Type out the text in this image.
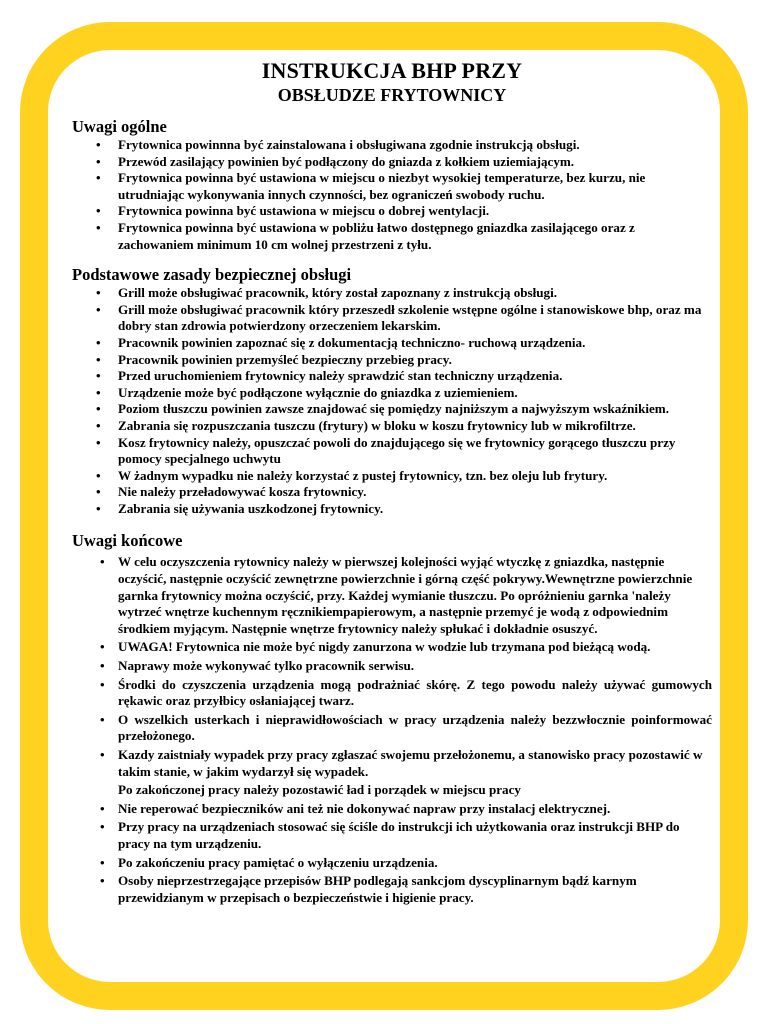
INSTRUKCJA BHP PRZY
OBSŁUDZE FRYTOWNICY
Uwagi ogólne
• Frytownica powinnna być zainstalowana i obsługiwana zgodnie instrukcją obsługi.
• Przewód zasilający powinien być podłączony do gniazda z kołkiem uziemiającym.
• Frytownica powinna być ustawiona w miejscu o niezbyt wysokiej temperaturze, bez kurzu, nie utrudniając wykonywania innych czynności, bez ograniczeń swobody ruchu.
• Frytownica powinna być ustawiona w miejscu o dobrej wentylacji.
• Frytownica powinna być ustawiona w pobliżu łatwo dostępnego gniazdka zasilającego oraz z zachowaniem minimum 10 cm wolnej przestrzeni z tyłu.
Podstawowe zasady bezpiecznej obsługi
• Grill może obsługiwać pracownik, który został zapoznany z instrukcją obsługi.
• Grill może obsługiwać pracownik który przeszedł szkolenie wstępne ogólne i stanowiskowe bhp, oraz ma dobry stan zdrowia potwierdzony orzeczeniem lekarskim.
• Pracownik powinien zapoznać się z dokumentacją techniczno- ruchową urządzenia.
• Pracownik powinien przemyśleć bezpieczny przebieg pracy.
• Przed uruchomieniem frytownicy należy sprawdzić stan techniczny urządzenia.
• Urządzenie może być podłączone wyłącznie do gniazdka z uziemieniem.
• Poziom tłuszczu powinien zawsze znajdować się pomiędzy najniższym a najwyższym wskaźnikiem.
• Zabrania się rozpuszczania tuszczu (frytury) w bloku w koszu frytownicy lub w mikrofiltrze.
• Kosz frytownicy należy, opuszczać powoli do znajdującego się we frytownicy gorącego tłuszczu przy pomocy specjalnego uchwytu
• W żadnym wypadku nie należy korzystać z pustej frytownicy, tzn. bez oleju lub frytury.
• Nie należy przeładowywać kosza frytownicy.
• Zabrania się używania uszkodzonej frytownicy.
Uwagi końcowe
• W celu oczyszczenia rytownicy należy w pierwszej kolejności wyjąć wtyczkę z gniazdka, następnie oczyścić, następnie oczyścić zewnętrzne powierzchnie i górną część pokrywy.Wewnętrzne powierzchnie garnka frytownicy można oczyścić, przy. Każdej wymianie tłuszczu. Po opróżnieniu garnka 'należy wytrzeć wnętrze kuchennym ręcznikiempapierowym, a następnie przemyć je wodą z odpowiednim środkiem myjącym. Następnie wnętrze frytownicy należy spłukać i dokładnie osuszyć.
• UWAGA! Frytownica nie może być nigdy zanurzona w wodzie lub trzymana pod bieżącą wodą.
• Naprawy może wykonywać tylko pracownik serwisu.
• Środki do czyszczenia urządzenia mogą podrażniać skórę. Z tego powodu należy używać gumowych rękawic oraz przyłbicy osłaniającej twarz.
• O wszelkich usterkach i nieprawidłowościach w pracy urządzenia należy bezzwłocznie poinformować przełożonego.
• Kazdy zaistniały wypadek przy pracy zgłaszać swojemu przełożonemu, a stanowisko pracy pozostawić w takim stanie, w jakim wydarzył się wypadek.
Po zakończonej pracy należy pozostawić ład i porządek w miejscu pracy
• Nie reperować bezpieczników ani też nie dokonywać napraw przy instalacj elektrycznej.
• Przy pracy na urządzeniach stosować się ściśle do instrukcji ich użytkowania oraz instrukcji BHP do pracy na tym urządzeniu.
• Po zakończeniu pracy pamiętać o wyłączeniu urządzenia.
• Osoby nieprzestrzegające przepisów BHP podlegają sankcjom dyscyplinarnym bądź karnym przewidzianym w przepisach o bezpieczeństwie i higienie pracy.
